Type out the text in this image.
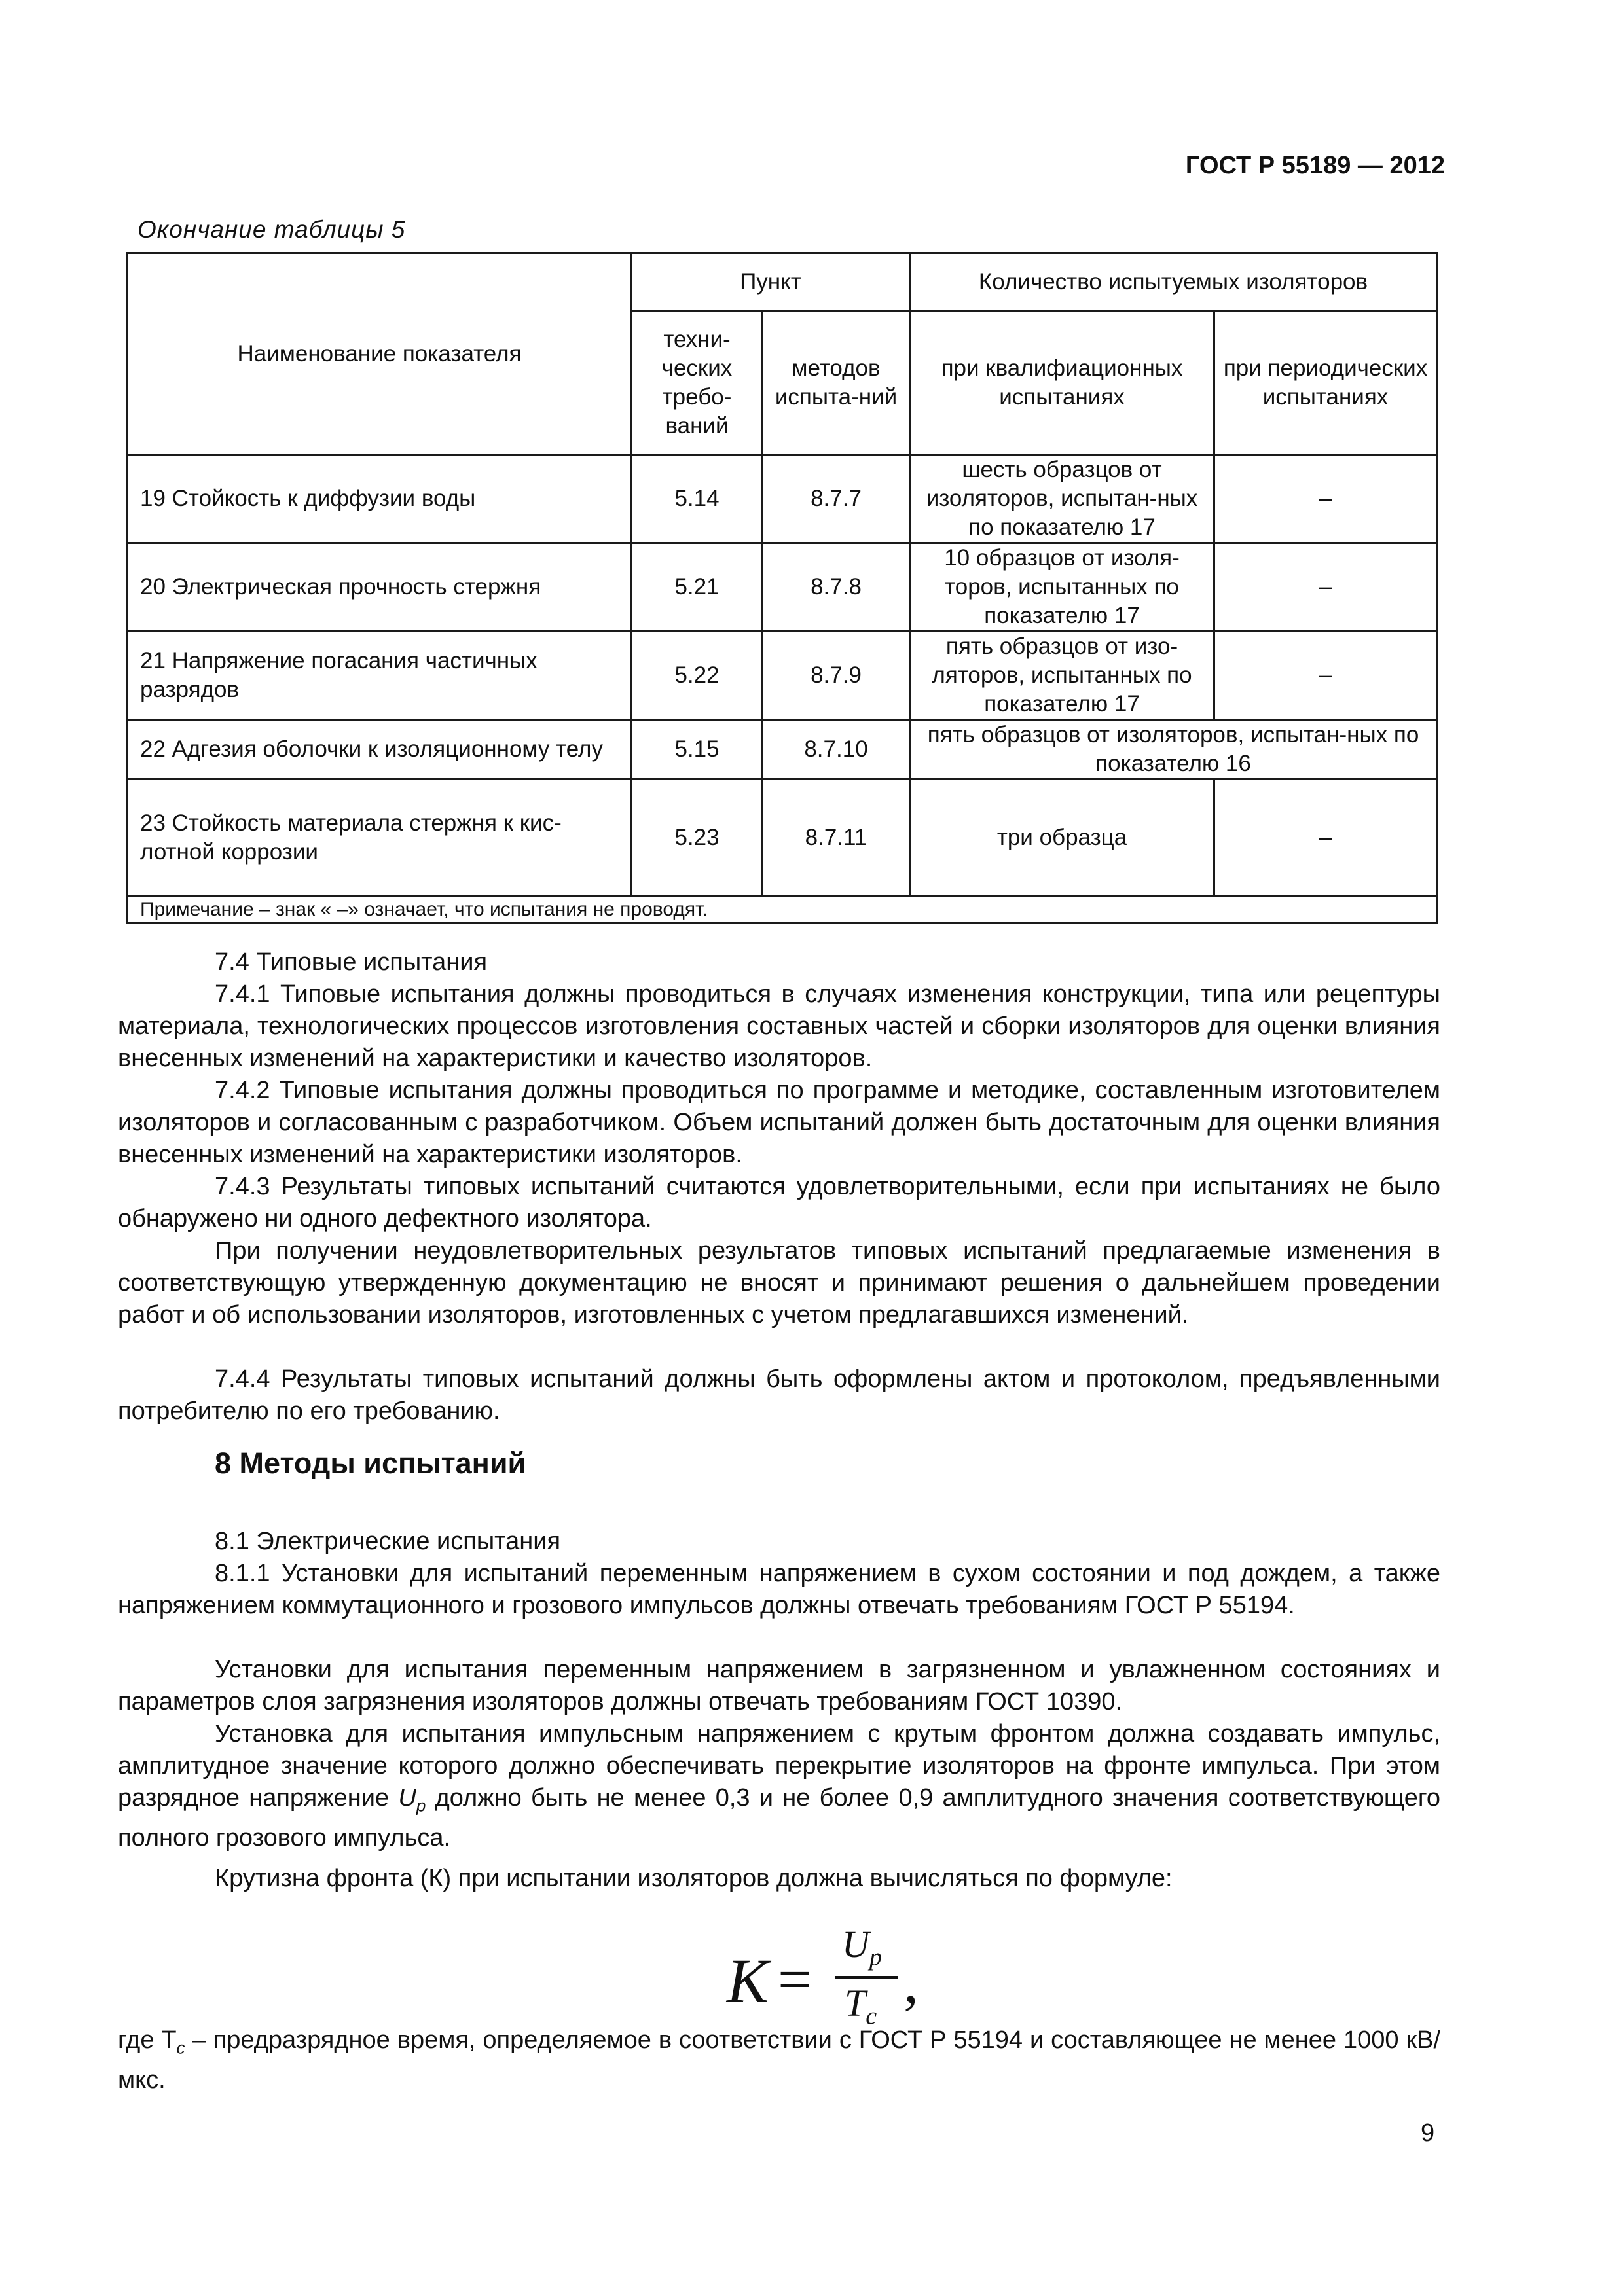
ГОСТ Р 55189 — 2012
Окончание таблицы 5
Наименование показателя	Пункт		Количество испытуемых изоляторов	
	техни-ческих требо-ваний	методов испыта-ний	при квалифиационных испытаниях	при периодических испытаниях
19 Стойкость к диффузии воды	5.14	8.7.7	шесть образцов от изоляторов, испытан-ных по показателю 17	–
20 Электрическая прочность стержня	5.21	8.7.8	10 образцов от изоля-торов, испытанных по показателю 17	–
21 Напряжение погасания частичных разрядов	5.22	8.7.9	пять образцов от изо-ляторов, испытанных по показателю 17	–
22 Адгезия оболочки к изоляционному телу	5.15	8.7.10	пять образцов от изоляторов, испытан-ных по показателю 16	
23 Стойкость материала стержня к кис-лотной коррозии	5.23	8.7.11	три образца	–
Примечание – знак « –» означает, что испытания не проводят.				
7.4 Типовые испытания
7.4.1 Типовые испытания должны проводиться в случаях изменения конструкции, типа или рецептуры материала, технологических процессов изготовления составных частей и сборки изоляторов для оценки влияния внесенных изменений на характеристики и качество изоляторов.
7.4.2 Типовые испытания должны проводиться по программе и методике, составленным изготовителем изоляторов и согласованным с разработчиком. Объем испытаний должен быть достаточным для оценки влияния внесенных изменений на характеристики изоляторов.
7.4.3 Результаты типовых испытаний считаются удовлетворительными, если при испытаниях не было обнаружено ни одного дефектного изолятора.
При получении неудовлетворительных результатов типовых испытаний предлагаемые изменения в соответствующую утвержденную документацию не вносят и принимают решения о дальнейшем проведении работ и об использовании изоляторов, изготовленных с учетом предлагавшихся изменений.
7.4.4 Результаты типовых испытаний должны быть оформлены актом и протоколом, предъявленными потребителю по его требованию.
8 Методы испытаний
8.1 Электрические испытания
8.1.1 Установки для испытаний переменным напряжением в сухом состоянии и под дождем, а также напряжением коммутационного и грозового импульсов должны отвечать требованиям ГОСТ Р 55194.
Установки для испытания переменным напряжением в загрязненном и увлажненном состояниях и параметров слоя загрязнения изоляторов должны отвечать требованиям ГОСТ 10390.
Установка для испытания импульсным напряжением с крутым фронтом должна создавать импульс, амплитудное значение которого должно обеспечивать перекрытие изоляторов на фронте импульса. При этом разрядное напряжение $U_p$ должно быть не менее 0,3 и не более 0,9 амплитудного значения соответствующего полного грозового импульса.
Крутизна фронта (К) при испытании изоляторов должна вычисляться по формуле:
K =
$U_p$
$T_c$
,
где $T_c$ – предразрядное время, определяемое в соответствии с ГОСТ Р 55194 и составляющее не менее 1000 кВ/мкс.
9
